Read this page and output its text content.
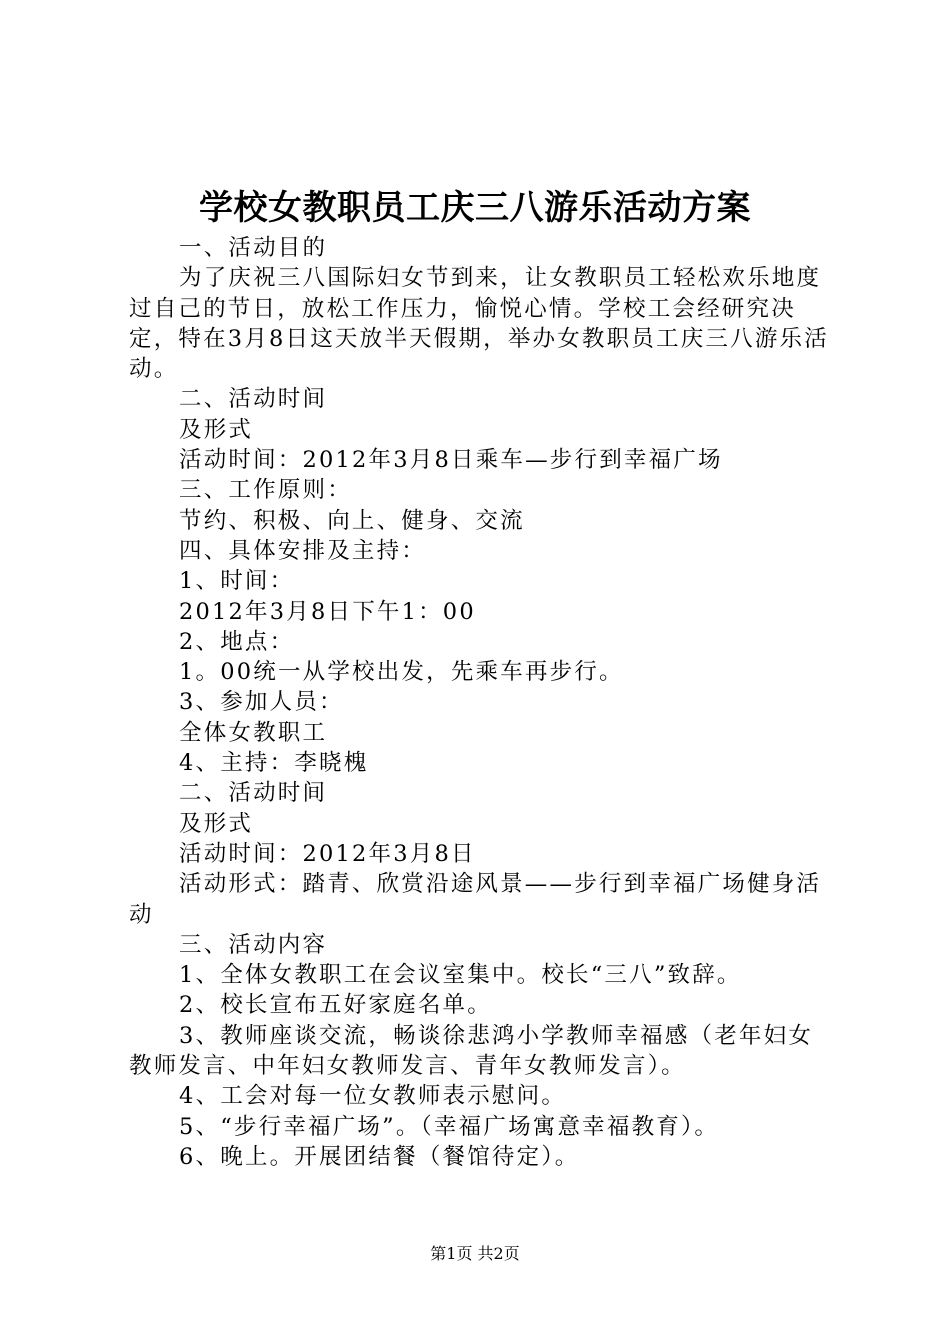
学校女教职员工庆三八游乐活动方案

一、活动目的

为了庆祝三八国际妇女节到来，让女教职员工轻松欢乐地度过自己的节日，放松工作压力，愉悦心情。学校工会经研究决定，特在3月8日这天放半天假期，举办女教职员工庆三八游乐活动。

二、活动时间

及形式

活动时间：2012年3月8日乘车—步行到幸福广场

三、工作原则：

节约、积极、向上、健身、交流

四、具体安排及主持：

1、时间：

2012年3月8日下午1：00

2、地点：

1。00统一从学校出发，先乘车再步行。

3、参加人员：

全体女教职工

4、主持：李晓槐

二、活动时间

及形式

活动时间：2012年3月8日

活动形式：踏青、欣赏沿途风景——步行到幸福广场健身活动

三、活动内容

1、全体女教职工在会议室集中。校长“三八”致辞。

2、校长宣布五好家庭名单。

3、教师座谈交流，畅谈徐悲鸿小学教师幸福感（老年妇女教师发言、中年妇女教师发言、青年女教师发言）。

4、工会对每一位女教师表示慰问。

5、“步行幸福广场”。（幸福广场寓意幸福教育）。

6、晚上。开展团结餐（餐馆待定）。

第1页 共2页
